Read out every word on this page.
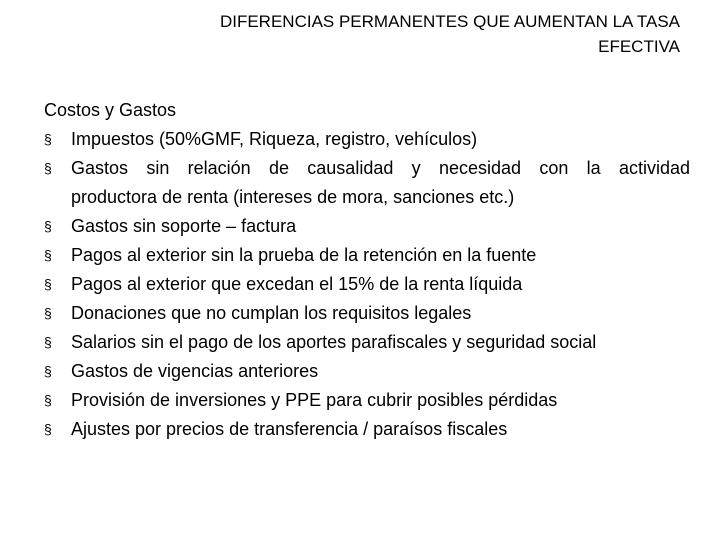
DIFERENCIAS PERMANENTES QUE AUMENTAN LA TASA
EFECTIVA
Costos y Gastos
§ Impuestos (50%GMF, Riqueza, registro, vehículos)
§ Gastos sin relación de causalidad y necesidad con la actividad
productora de renta (intereses de mora, sanciones etc.)
§ Gastos sin soporte – factura
§ Pagos al exterior sin la prueba de la retención en la fuente
§ Pagos al exterior que excedan el 15% de la renta líquida
§ Donaciones que no cumplan los requisitos legales
§ Salarios sin el pago de los aportes parafiscales y seguridad social
§ Gastos de vigencias anteriores
§ Provisión de inversiones y PPE para cubrir posibles pérdidas
§ Ajustes por precios de transferencia / paraísos fiscales
